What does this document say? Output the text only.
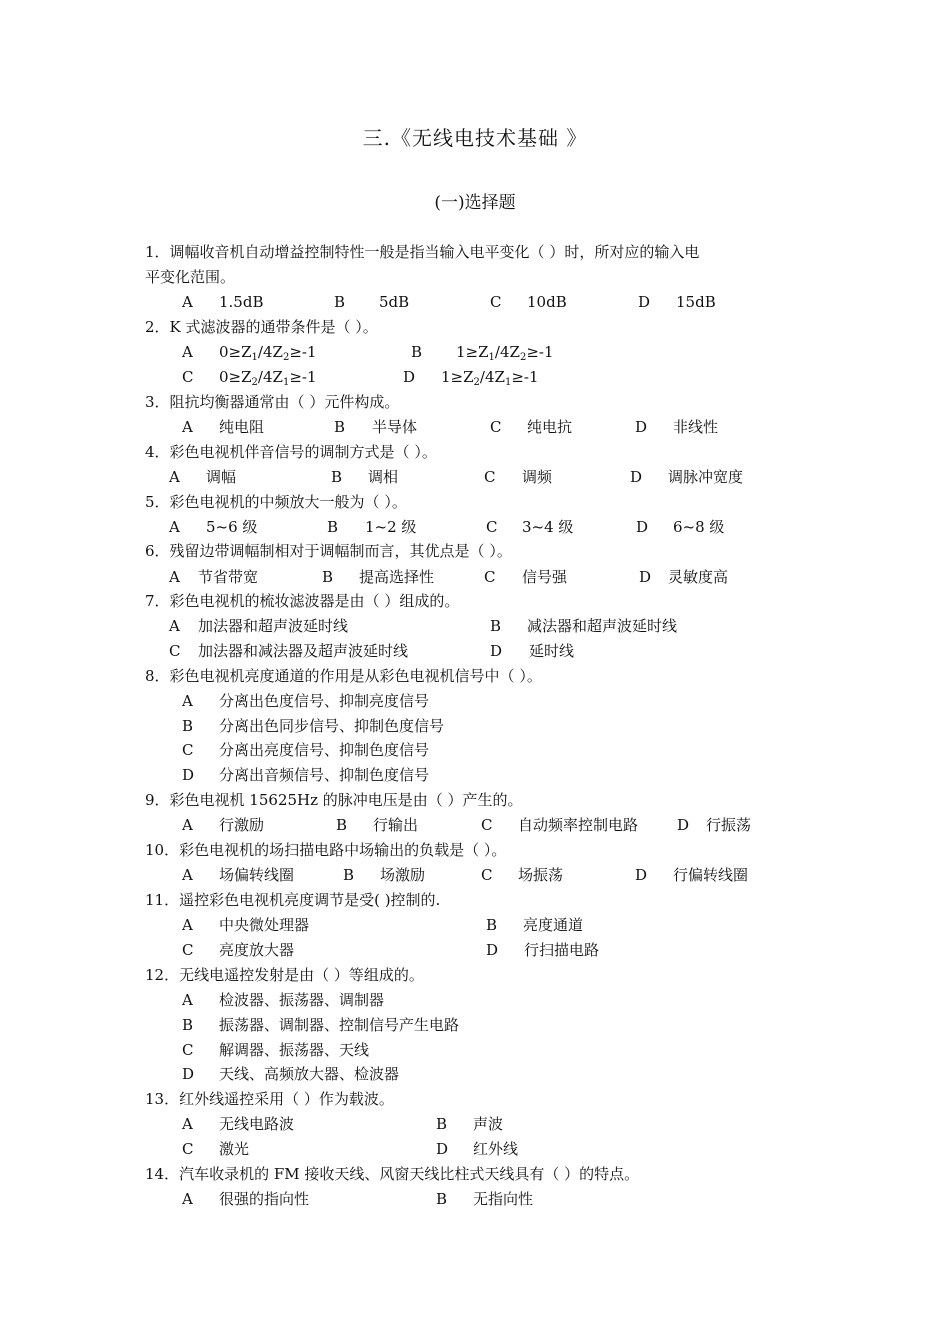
三.《无线电技术基础 》
(一)选择题
1．调幅收音机自动增益控制特性一般是指当输入电平变化（ ）时，所对应的输入电
平变化范围。
A 1.5dB	B 5dB	C 10dB	D 15dB
2．K 式滤波器的通带条件是（ ）。
A $0\ge Z_1/4Z_2\ge-1$	B $1\ge Z_1/4Z_2\ge-1$
C $0\ge Z_2/4Z_1\ge-1$	D $1\ge Z_2/4Z_1\ge-1$
3．阻抗均衡器通常由（ ）元件构成。
A 纯电阻	B 半导体	C 纯电抗	D 非线性
4．彩色电视机伴音信号的调制方式是（ ）。
A 调幅	B 调相	C 调频	D 调脉冲宽度
5．彩色电视机的中频放大一般为（ ）。
A 5~6 级	B 1~2 级	C 3~4 级	D 6~8 级
6．残留边带调幅制相对于调幅制而言，其优点是（ ）。
A 节省带宽	B 提高选择性	C 信号强	D 灵敏度高
7．彩色电视机的梳妆滤波器是由（ ）组成的。
A 加法器和超声波延时线	B 减法器和超声波延时线
C 加法器和减法器及超声波延时线	D 延时线
8．彩色电视机亮度通道的作用是从彩色电视机信号中（ ）。
A 分离出色度信号、抑制亮度信号
B 分离出色同步信号、抑制色度信号
C 分离出亮度信号、抑制色度信号
D 分离出音频信号、抑制色度信号
9．彩色电视机 15625Hz 的脉冲电压是由（ ）产生的。
A 行激励	B 行输出	C 自动频率控制电路	D 行振荡
10．彩色电视机的场扫描电路中场输出的负载是（ ）。
A 场偏转线圈	B 场激励	C 场振荡	D 行偏转线圈
11．遥控彩色电视机亮度调节是受( )控制的.
A 中央微处理器	B 亮度通道
C 亮度放大器	D 行扫描电路
12．无线电遥控发射是由（ ）等组成的。
A 检波器、振荡器、调制器
B 振荡器、调制器、控制信号产生电路
C 解调器、振荡器、天线
D 天线、高频放大器、检波器
13．红外线遥控采用（ ）作为载波。
A 无线电路波	B 声波
C 激光	D 红外线
14．汽车收录机的 FM 接收天线、风窗天线比柱式天线具有（ ）的特点。
A 很强的指向性	B 无指向性
